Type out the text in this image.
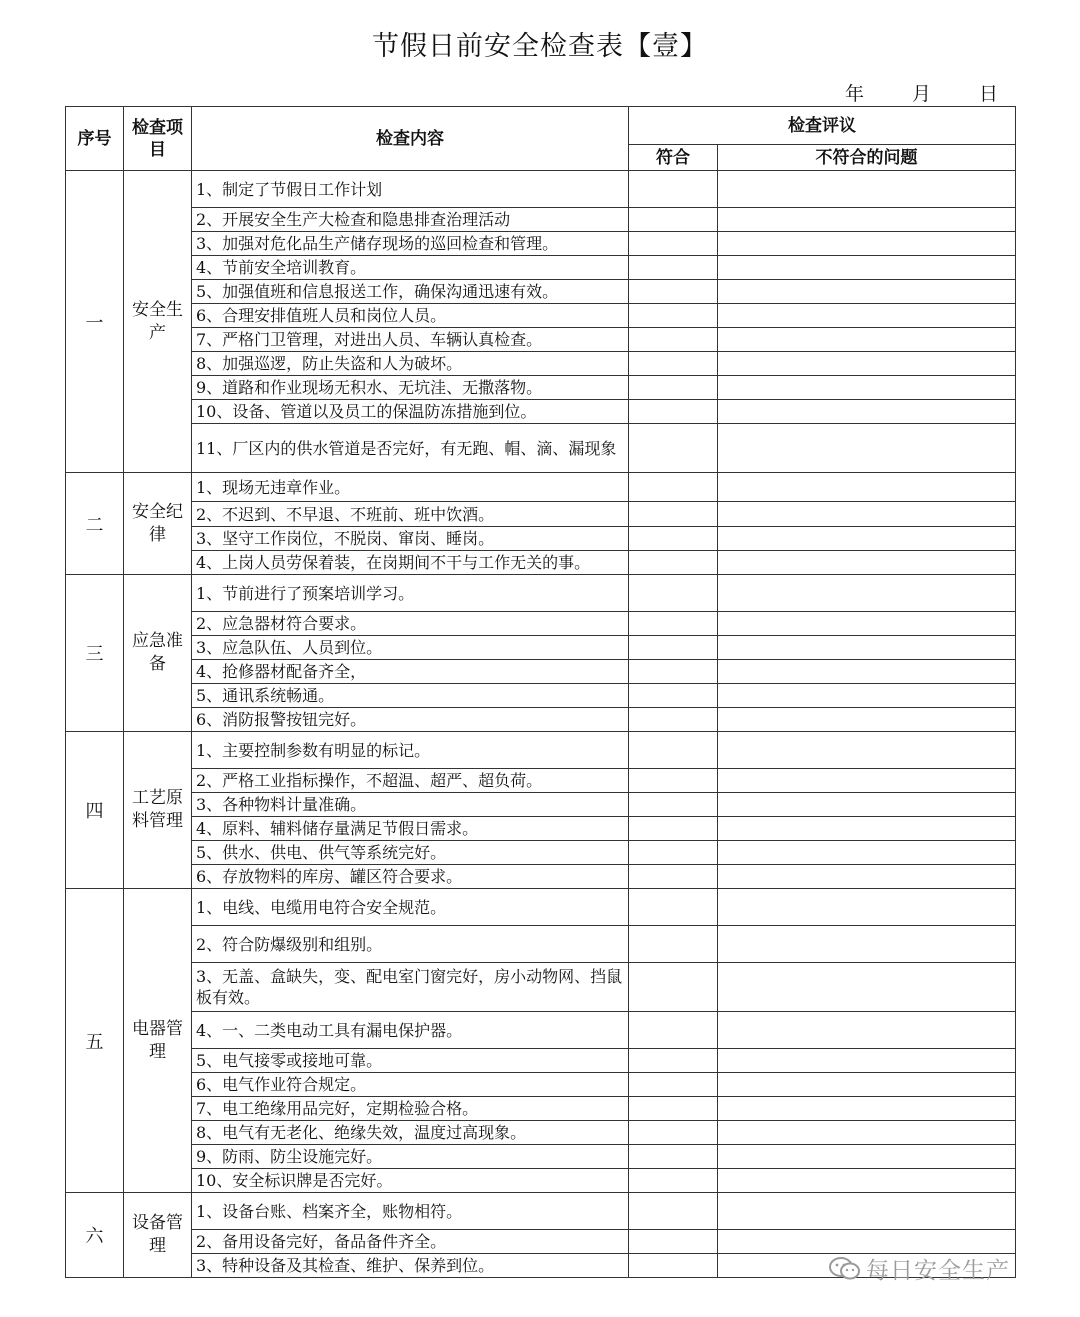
节假日前安全检查表【壹】
年	月	日
序号	检查项目	检查内容	检查评议	
			符合	不符合的问题
一	安全生产	1、制定了节假日工作计划		
		2、开展安全生产大检查和隐患排查治理活动		
		3、加强对危化品生产储存现场的巡回检查和管理。		
		4、节前安全培训教育。		
		5、加强值班和信息报送工作，确保沟通迅速有效。		
		6、合理安排值班人员和岗位人员。		
		7、严格门卫管理，对进出人员、车辆认真检查。		
		8、加强巡逻，防止失盗和人为破坏。		
		9、道路和作业现场无积水、无坑洼、无撒落物。		
		10、设备、管道以及员工的保温防冻措施到位。		
		11、厂区内的供水管道是否完好，有无跑、帽、滴、漏现象		
二	安全纪律	1、现场无违章作业。		
		2、不迟到、不早退、不班前、班中饮酒。		
		3、坚守工作岗位，不脱岗、窜岗、睡岗。		
		4、上岗人员劳保着装，在岗期间不干与工作无关的事。		
三	应急准备	1、节前进行了预案培训学习。		
		2、应急器材符合要求。		
		3、应急队伍、人员到位。		
		4、抢修器材配备齐全，		
		5、通讯系统畅通。		
		6、消防报警按钮完好。		
四	工艺原料管理	1、主要控制参数有明显的标记。		
		2、严格工业指标操作，不超温、超严、超负荷。		
		3、各种物料计量准确。		
		4、原料、辅料储存量满足节假日需求。		
		5、供水、供电、供气等系统完好。		
		6、存放物料的库房、罐区符合要求。		
五	电器管理	1、电线、电缆用电符合安全规范。		
		2、符合防爆级别和组别。		
		3、无盖、盒缺失，变、配电室门窗完好，房小动物网、挡鼠板有效。		
		4、一、二类电动工具有漏电保护器。		
		5、电气接零或接地可靠。		
		6、电气作业符合规定。		
		7、电工绝缘用品完好，定期检验合格。		
		8、电气有无老化、绝缘失效，温度过高现象。		
		9、防雨、防尘设施完好。		
		10、安全标识牌是否完好。		
六	设备管理	1、设备台账、档案齐全，账物相符。		
		2、备用设备完好，备品备件齐全。		
		3、特种设备及其检查、维护、保养到位。			每日安全生产
